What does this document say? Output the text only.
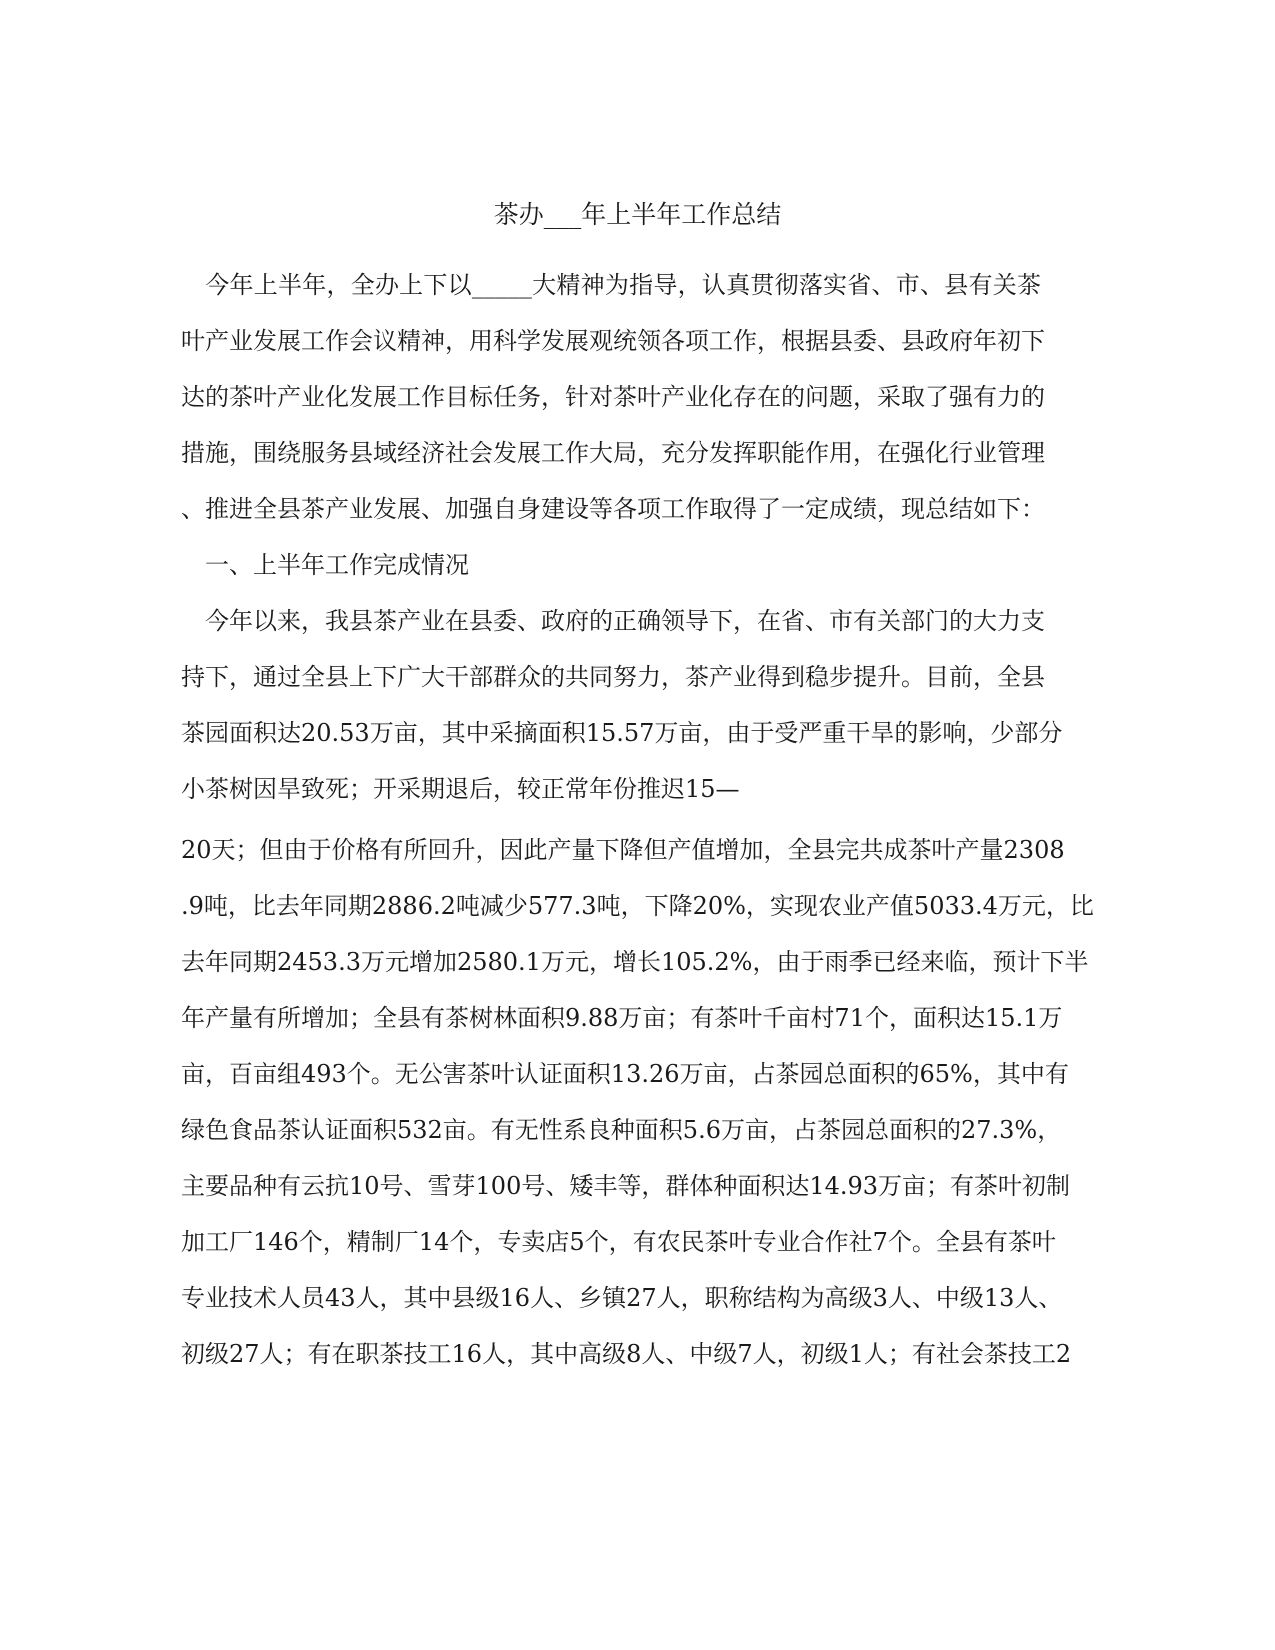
茶办___年上半年工作总结
　今年上半年，全办上下以_____大精神为指导，认真贯彻落实省、市、县有关茶
叶产业发展工作会议精神，用科学发展观统领各项工作，根据县委、县政府年初下
达的茶叶产业化发展工作目标任务，针对茶叶产业化存在的问题，采取了强有力的
措施，围绕服务县域经济社会发展工作大局，充分发挥职能作用，在强化行业管理
、推进全县茶产业发展、加强自身建设等各项工作取得了一定成绩，现总结如下：
　一、上半年工作完成情况
　今年以来，我县茶产业在县委、政府的正确领导下，在省、市有关部门的大力支
持下，通过全县上下广大干部群众的共同努力，茶产业得到稳步提升。目前，全县
茶园面积达20.53万亩，其中采摘面积15.57万亩，由于受严重干旱的影响，少部分
小茶树因旱致死；开采期退后，较正常年份推迟15—
20天；但由于价格有所回升，因此产量下降但产值增加，全县完共成茶叶产量2308
.9吨，比去年同期2886.2吨减少577.3吨，下降20%，实现农业产值5033.4万元，比
去年同期2453.3万元增加2580.1万元，增长105.2%，由于雨季已经来临，预计下半
年产量有所增加；全县有茶树林面积9.88万亩；有茶叶千亩村71个，面积达15.1万
亩，百亩组493个。无公害茶叶认证面积13.26万亩，占茶园总面积的65%，其中有
绿色食品茶认证面积532亩。有无性系良种面积5.6万亩，占茶园总面积的27.3%，
主要品种有云抗10号、雪芽100号、矮丰等，群体种面积达14.93万亩；有茶叶初制
加工厂146个，精制厂14个，专卖店5个，有农民茶叶专业合作社7个。全县有茶叶
专业技术人员43人，其中县级16人、乡镇27人，职称结构为高级3人、中级13人、
初级27人；有在职茶技工16人，其中高级8人、中级7人，初级1人；有社会茶技工2
